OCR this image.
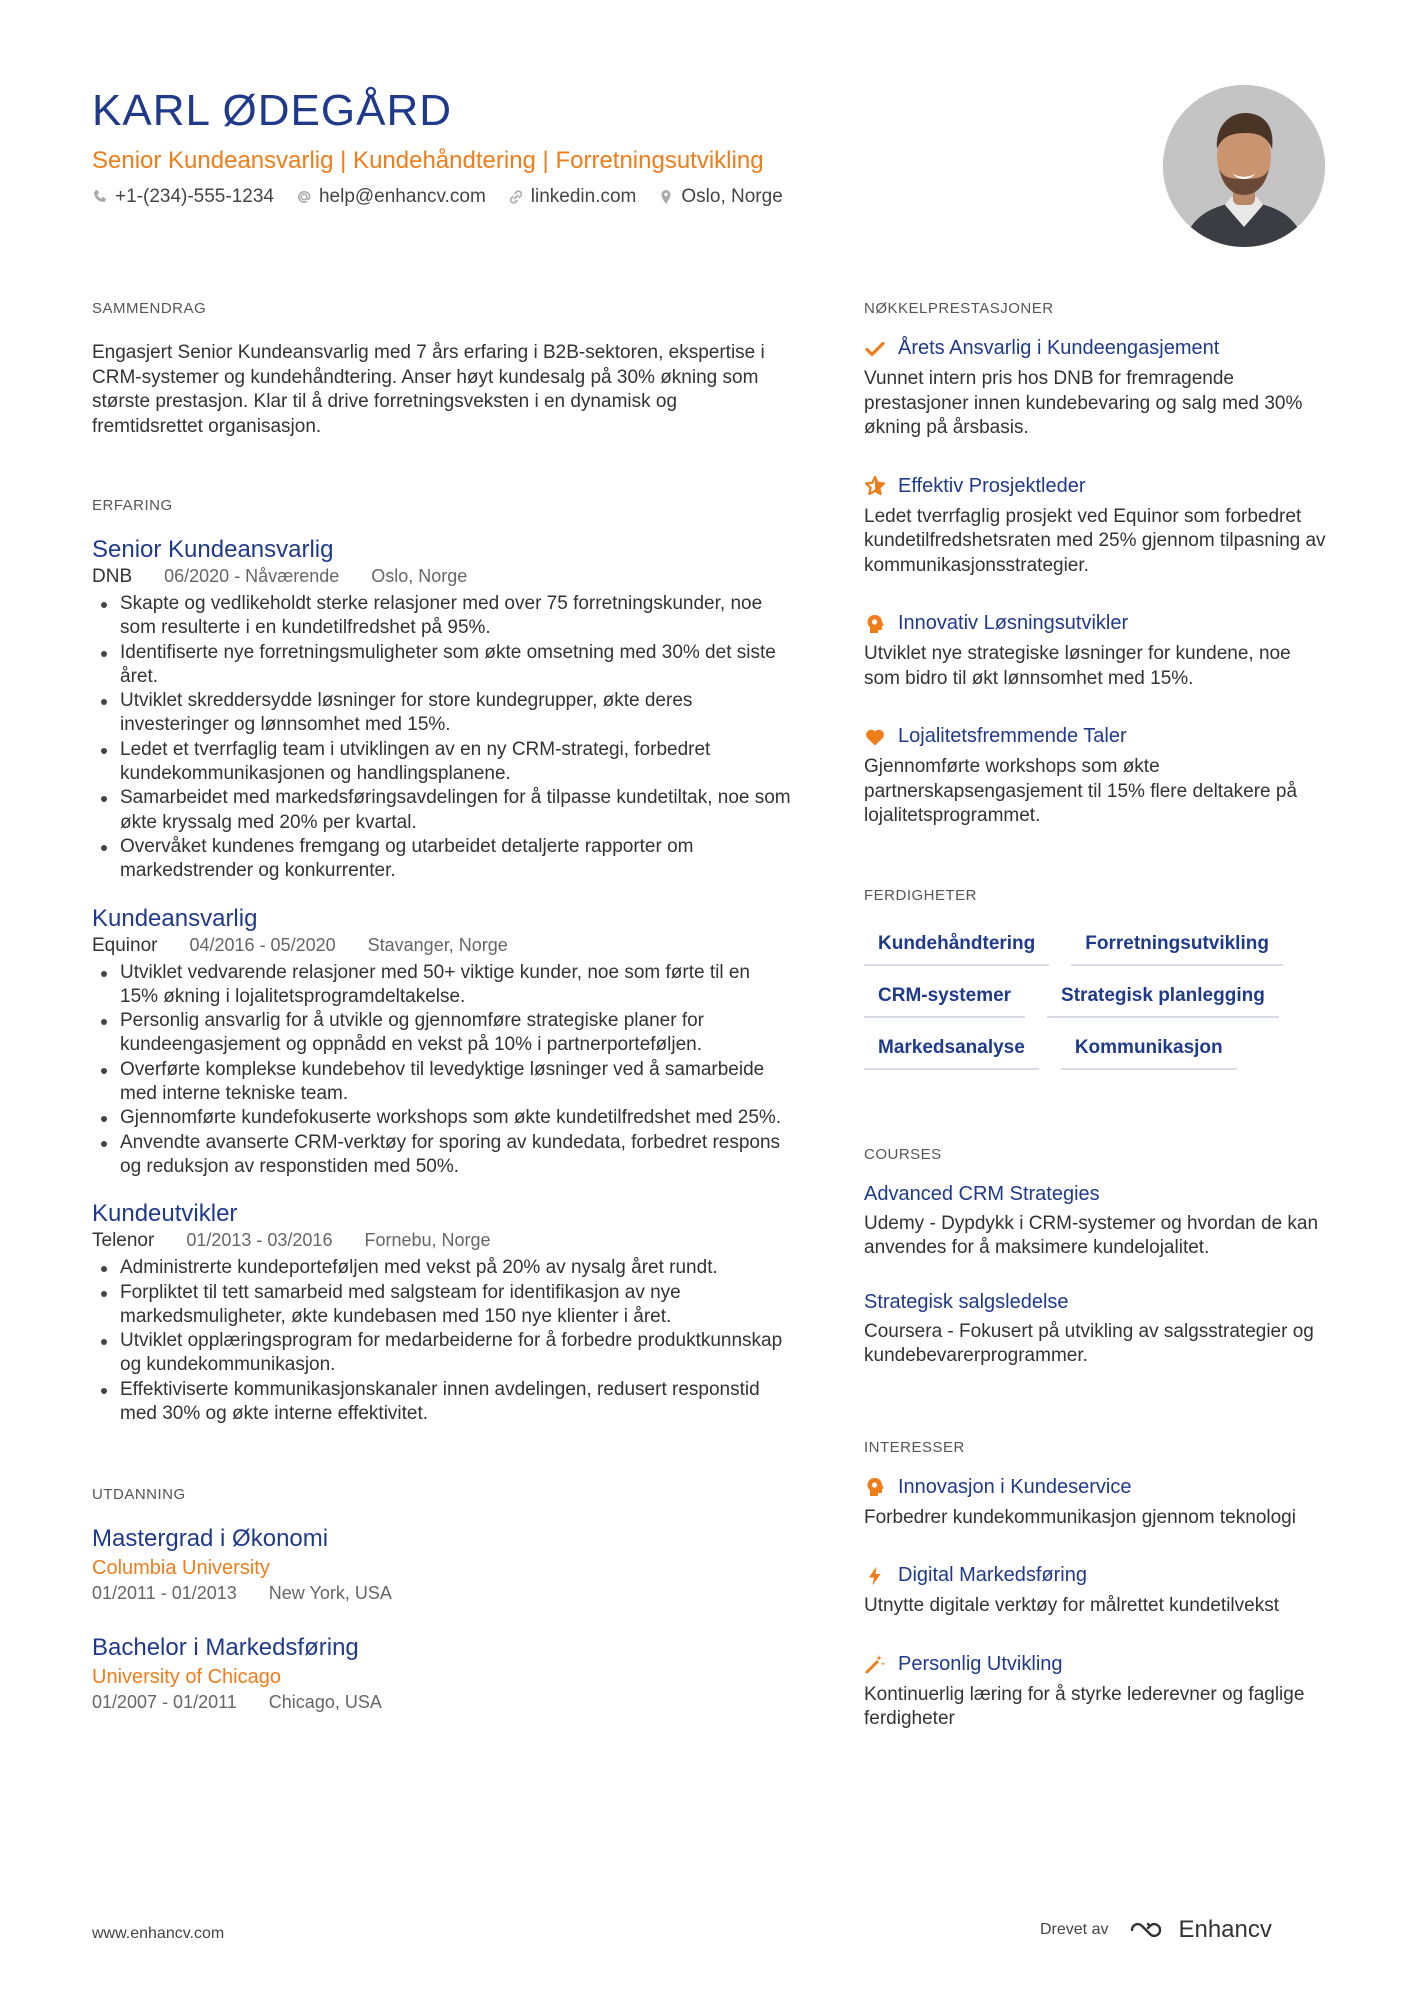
KARL ØDEGÅRD
Senior Kundeansvarlig | Kundehåndtering | Forretningsutvikling
+1-(234)-555-1234 help@enhancv.com linkedin.com Oslo, Norge
SAMMENDRAG
Engasjert Senior Kundeansvarlig med 7 års erfaring i B2B-sektoren, ekspertise i CRM-systemer og kundehåndtering. Anser høyt kundesalg på 30% økning som største prestasjon. Klar til å drive forretningsveksten i en dynamisk og fremtidsrettet organisasjon.
ERFARING
Senior Kundeansvarlig
DNB 06/2020 - Nåværende Oslo, Norge
Skapte og vedlikeholdt sterke relasjoner med over 75 forretningskunder, noe som resulterte i en kundetilfredshet på 95%.
Identifiserte nye forretningsmuligheter som økte omsetning med 30% det siste året.
Utviklet skreddersydde løsninger for store kundegrupper, økte deres investeringer og lønnsomhet med 15%.
Ledet et tverrfaglig team i utviklingen av en ny CRM-strategi, forbedret kundekommunikasjonen og handlingsplanene.
Samarbeidet med markedsføringsavdelingen for å tilpasse kundetiltak, noe som økte kryssalg med 20% per kvartal.
Overvåket kundenes fremgang og utarbeidet detaljerte rapporter om markedstrender og konkurrenter.
Kundeansvarlig
Equinor 04/2016 - 05/2020 Stavanger, Norge
Utviklet vedvarende relasjoner med 50+ viktige kunder, noe som førte til en 15% økning i lojalitetsprogramdeltakelse.
Personlig ansvarlig for å utvikle og gjennomføre strategiske planer for kundeengasjement og oppnådd en vekst på 10% i partnerporteføljen.
Overførte komplekse kundebehov til levedyktige løsninger ved å samarbeide med interne tekniske team.
Gjennomførte kundefokuserte workshops som økte kundetilfredshet med 25%.
Anvendte avanserte CRM-verktøy for sporing av kundedata, forbedret respons og reduksjon av responstiden med 50%.
Kundeutvikler
Telenor 01/2013 - 03/2016 Fornebu, Norge
Administrerte kundeporteføljen med vekst på 20% av nysalg året rundt.
Forpliktet til tett samarbeid med salgsteam for identifikasjon av nye markedsmuligheter, økte kundebasen med 150 nye klienter i året.
Utviklet opplæringsprogram for medarbeiderne for å forbedre produktkunnskap og kundekommunikasjon.
Effektiviserte kommunikasjonskanaler innen avdelingen, redusert responstid med 30% og økte interne effektivitet.
UTDANNING
Mastergrad i Økonomi
Columbia University
01/2011 - 01/2013 New York, USA
Bachelor i Markedsføring
University of Chicago
01/2007 - 01/2011 Chicago, USA
NØKKELPRESTASJONER
Årets Ansvarlig i Kundeengasjement
Vunnet intern pris hos DNB for fremragende prestasjoner innen kundebevaring og salg med 30% økning på årsbasis.
Effektiv Prosjektleder
Ledet tverrfaglig prosjekt ved Equinor som forbedret kundetilfredshetsraten med 25% gjennom tilpasning av kommunikasjonsstrategier.
Innovativ Løsningsutvikler
Utviklet nye strategiske løsninger for kundene, noe som bidro til økt lønnsomhet med 15%.
Lojalitetsfremmende Taler
Gjennomførte workshops som økte partnerskapsengasjement til 15% flere deltakere på lojalitetsprogrammet.
FERDIGHETER
Kundehåndtering	Forretningsutvikling
CRM-systemer	Strategisk planlegging
Markedsanalyse	Kommunikasjon
COURSES
Advanced CRM Strategies
Udemy - Dypdykk i CRM-systemer og hvordan de kan anvendes for å maksimere kundelojalitet.
Strategisk salgsledelse
Coursera - Fokusert på utvikling av salgsstrategier og kundebevarerprogrammer.
INTERESSER
Innovasjon i Kundeservice
Forbedrer kundekommunikasjon gjennom teknologi
Digital Markedsføring
Utnytte digitale verktøy for målrettet kundetilvekst
Personlig Utvikling
Kontinuerlig læring for å styrke lederevner og faglige ferdigheter
www.enhancv.com	Drevet av	Enhancv
